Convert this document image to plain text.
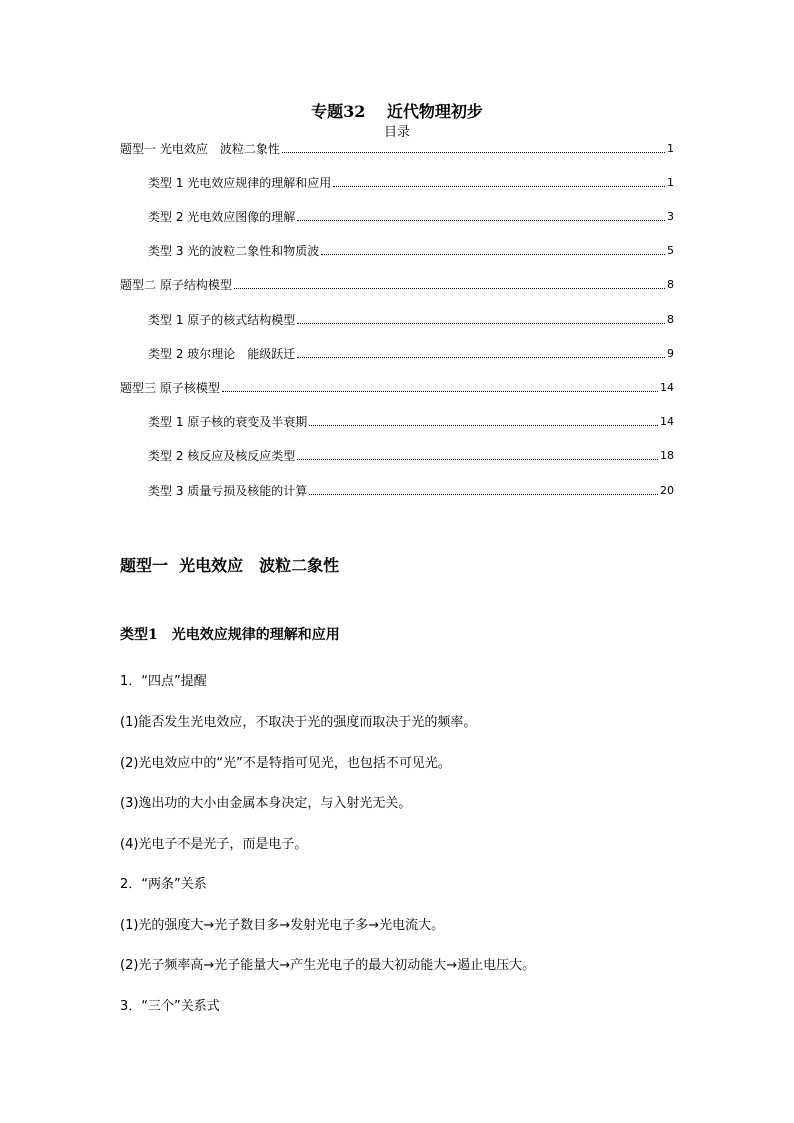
专题32　 近代物理初步
目录
题型一 光电效应　波粒二象性	1
类型 1 光电效应规律的理解和应用	1
类型 2 光电效应图像的理解	3
类型 3 光的波粒二象性和物质波	5
题型二 原子结构模型	8
类型 1 原子的核式结构模型	8
类型 2 玻尔理论　能级跃迁	9
题型三 原子核模型	14
类型 1 原子核的衰变及半衰期	14
类型 2 核反应及核反应类型	18
类型 3 质量亏损及核能的计算	20
题型一  光电效应　波粒二象性
类型1　光电效应规律的理解和应用
1．“四点”提醒
(1)能否发生光电效应，不取决于光的强度而取决于光的频率。
(2)光电效应中的“光”不是特指可见光，也包括不可见光。
(3)逸出功的大小由金属本身决定，与入射光无关。
(4)光电子不是光子，而是电子。
2．“两条”关系
(1)光的强度大→光子数目多→发射光电子多→光电流大。
(2)光子频率高→光子能量大→产生光电子的最大初动能大→遏止电压大。
3．“三个”关系式
